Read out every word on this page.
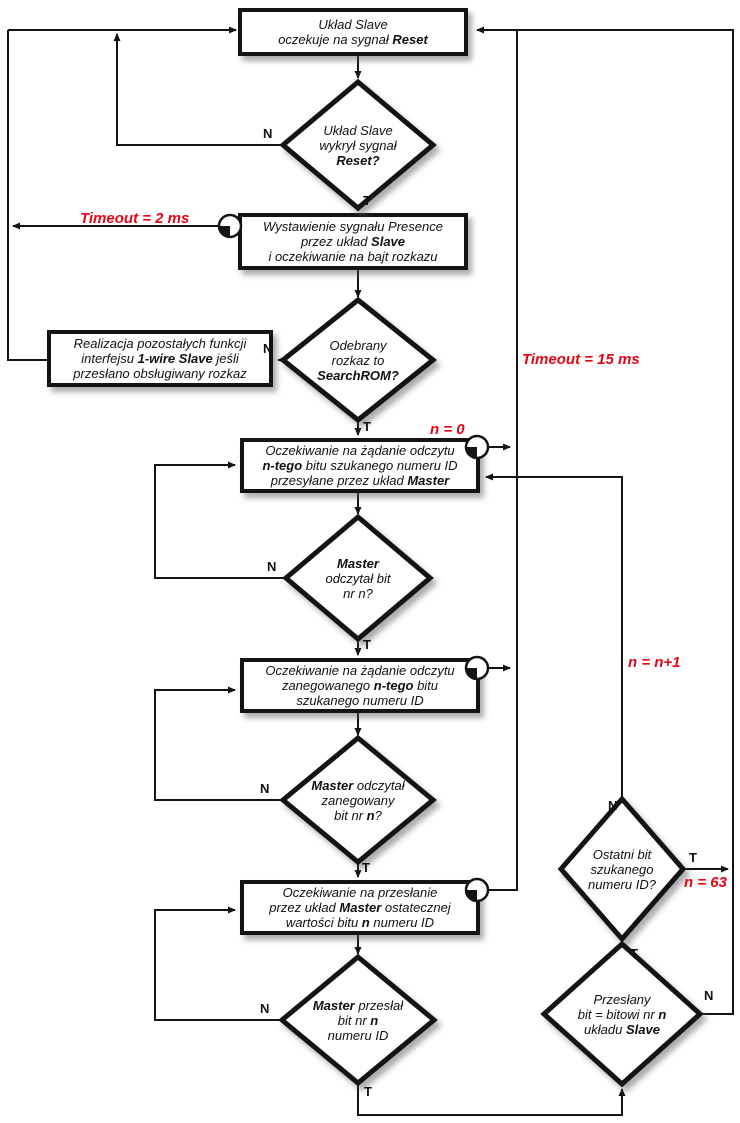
Układ Slave
oczekuje na sygnał Reset
Wystawienie sygnału Presence
przez układ Slave
i oczekiwanie na bajt rozkazu
Realizacja pozostałych funkcji
interfejsu 1-wire Slave jeśli
przesłano obsługiwany rozkaz
Oczekiwanie na żądanie odczytu
n-tego bitu szukanego numeru ID
przesyłane przez układ Master
Oczekiwanie na żądanie odczytu
zanegowanego n-tego bitu
szukanego numeru ID
Oczekiwanie na przesłanie
przez układ Master ostatecznej
wartości bitu n numeru ID
Układ Slave
wykrył sygnał
Reset?
Odebrany
rozkaz to
SearchROM?
Master
odczytał bit
nr n?
Master odczytał
zanegowany
bit nr n?
Master przesłał
bit nr n
numeru ID
Ostatni bit
szukanego
numeru ID?
Przesłany
bit = bitowi nr n
układu Slave
N
T
N
T
N
T
N
T
N
T
N
T
T
N
Timeout = 2 ms
Timeout = 15 ms
n = 0
n = n+1
n = 63
